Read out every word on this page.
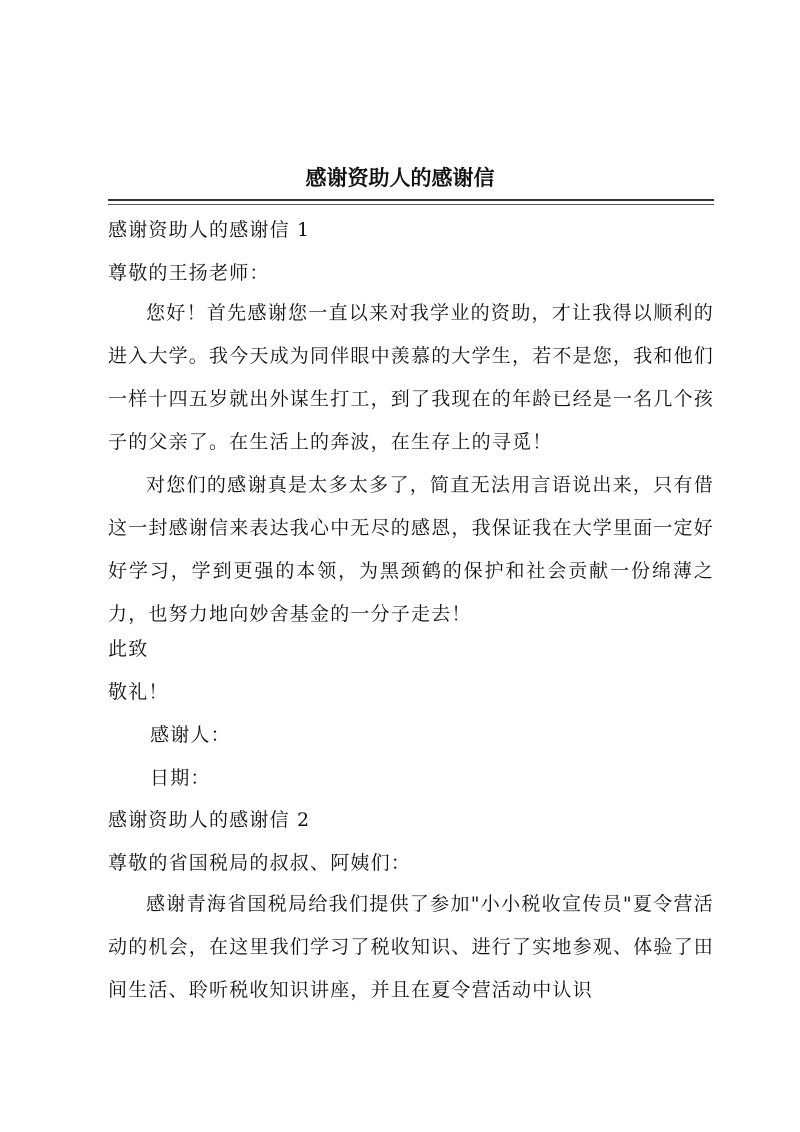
感谢资助人的感谢信
感谢资助人的感谢信 1
尊敬的王扬老师：
您好！首先感谢您一直以来对我学业的资助，才让我得以顺利的进入大学。我今天成为同伴眼中羡慕的大学生，若不是您，我和他们一样十四五岁就出外谋生打工，到了我现在的年龄已经是一名几个孩子的父亲了。在生活上的奔波，在生存上的寻觅！
对您们的感谢真是太多太多了，简直无法用言语说出来，只有借这一封感谢信来表达我心中无尽的感恩，我保证我在大学里面一定好好学习，学到更强的本领，为黑颈鹤的保护和社会贡献一份绵薄之力，也努力地向妙舍基金的一分子走去！
此致
敬礼！
感谢人：
日期：
感谢资助人的感谢信 2
尊敬的省国税局的叔叔、阿姨们：
感谢青海省国税局给我们提供了参加"小小税收宣传员"夏令营活动的机会，在这里我们学习了税收知识、进行了实地参观、体验了田间生活、聆听税收知识讲座，并且在夏令营活动中认识
